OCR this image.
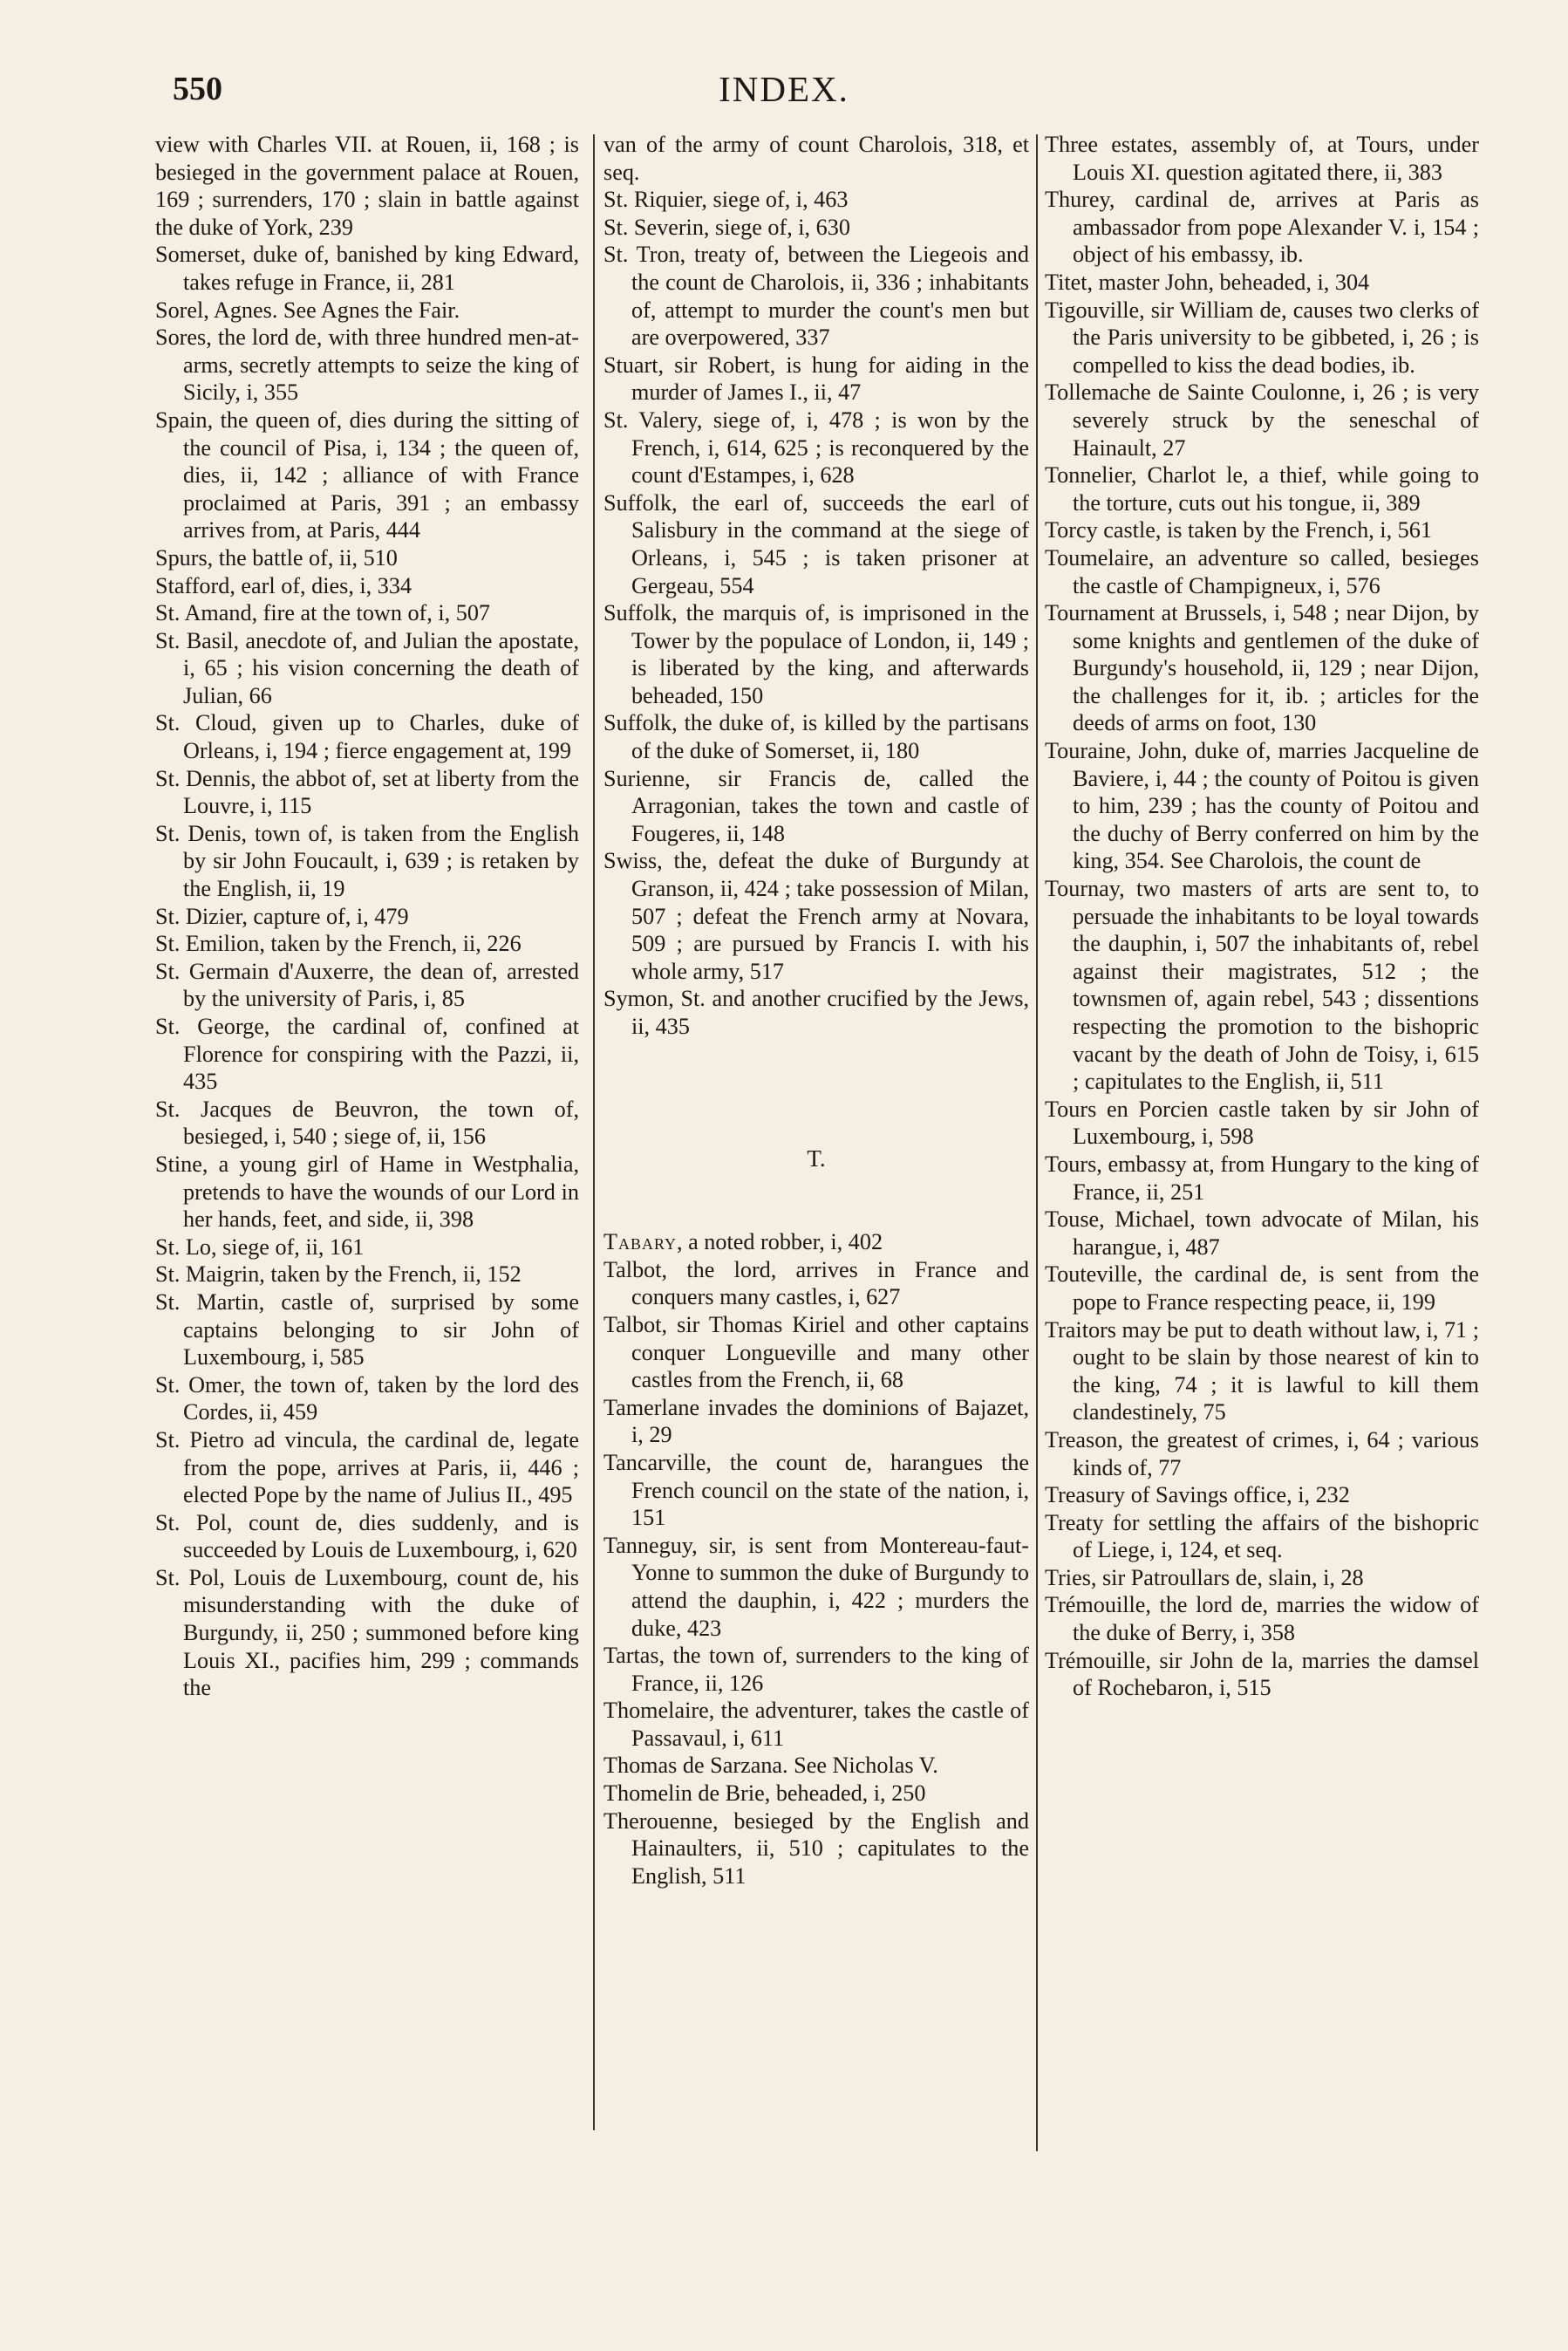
550	INDEX.
view with Charles VII. at Rouen, ii, 168 ; is besieged in the government palace at Rouen, 169 ; surrenders, 170 ; slain in battle against the duke of York, 239
Somerset, duke of, banished by king Edward, takes refuge in France, ii, 281
Sorel, Agnes. See Agnes the Fair.
Sores, the lord de, with three hundred men-at-arms, secretly attempts to seize the king of Sicily, i, 355
Spain, the queen of, dies during the sitting of the council of Pisa, i, 134 ; the queen of, dies, ii, 142 ; alliance of with France proclaimed at Paris, 391 ; an embassy arrives from, at Paris, 444
Spurs, the battle of, ii, 510
Stafford, earl of, dies, i, 334
St. Amand, fire at the town of, i, 507
St. Basil, anecdote of, and Julian the apostate, i, 65 ; his vision concerning the death of Julian, 66
St. Cloud, given up to Charles, duke of Orleans, i, 194 ; fierce engagement at, 199
St. Dennis, the abbot of, set at liberty from the Louvre, i, 115
St. Denis, town of, is taken from the English by sir John Foucault, i, 639 ; is retaken by the English, ii, 19
St. Dizier, capture of, i, 479
St. Emilion, taken by the French, ii, 226
St. Germain d'Auxerre, the dean of, arrested by the university of Paris, i, 85
St. George, the cardinal of, confined at Florence for conspiring with the Pazzi, ii, 435
St. Jacques de Beuvron, the town of, besieged, i, 540 ; siege of, ii, 156
Stine, a young girl of Hame in Westphalia, pretends to have the wounds of our Lord in her hands, feet, and side, ii, 398
St. Lo, siege of, ii, 161
St. Maigrin, taken by the French, ii, 152
St. Martin, castle of, surprised by some captains belonging to sir John of Luxembourg, i, 585
St. Omer, the town of, taken by the lord des Cordes, ii, 459
St. Pietro ad vincula, the cardinal de, legate from the pope, arrives at Paris, ii, 446 ; elected Pope by the name of Julius II., 495
St. Pol, count de, dies suddenly, and is succeeded by Louis de Luxembourg, i, 620
St. Pol, Louis de Luxembourg, count de, his misunderstanding with the duke of Burgundy, ii, 250 ; summoned before king Louis XI., pacifies him, 299 ; commands the
van of the army of count Charolois, 318, et seq.
St. Riquier, siege of, i, 463
St. Severin, siege of, i, 630
St. Tron, treaty of, between the Liegeois and the count de Charolois, ii, 336 ; inhabitants of, attempt to murder the count's men but are overpowered, 337
Stuart, sir Robert, is hung for aiding in the murder of James I., ii, 47
St. Valery, siege of, i, 478 ; is won by the French, i, 614, 625 ; is reconquered by the count d'Estampes, i, 628
Suffolk, the earl of, succeeds the earl of Salisbury in the command at the siege of Orleans, i, 545 ; is taken prisoner at Gergeau, 554
Suffolk, the marquis of, is imprisoned in the Tower by the populace of London, ii, 149 ; is liberated by the king, and afterwards beheaded, 150
Suffolk, the duke of, is killed by the partisans of the duke of Somerset, ii, 180
Surienne, sir Francis de, called the Arragonian, takes the town and castle of Fougeres, ii, 148
Swiss, the, defeat the duke of Burgundy at Granson, ii, 424 ; take possession of Milan, 507 ; defeat the French army at Novara, 509 ; are pursued by Francis I. with his whole army, 517
Symon, St. and another crucified by the Jews, ii, 435
T.
Tabary, a noted robber, i, 402
Talbot, the lord, arrives in France and conquers many castles, i, 627
Talbot, sir Thomas Kiriel and other captains conquer Longueville and many other castles from the French, ii, 68
Tamerlane invades the dominions of Bajazet, i, 29
Tancarville, the count de, harangues the French council on the state of the nation, i, 151
Tanneguy, sir, is sent from Montereau-faut-Yonne to summon the duke of Burgundy to attend the dauphin, i, 422 ; murders the duke, 423
Tartas, the town of, surrenders to the king of France, ii, 126
Thomelaire, the adventurer, takes the castle of Passavaul, i, 611
Thomas de Sarzana. See Nicholas V.
Thomelin de Brie, beheaded, i, 250
Therouenne, besieged by the English and Hainaulters, ii, 510 ; capitulates to the English, 511
Three estates, assembly of, at Tours, under Louis XI. question agitated there, ii, 383
Thurey, cardinal de, arrives at Paris as ambassador from pope Alexander V. i, 154 ; object of his embassy, ib.
Titet, master John, beheaded, i, 304
Tigouville, sir William de, causes two clerks of the Paris university to be gibbeted, i, 26 ; is compelled to kiss the dead bodies, ib.
Tollemache de Sainte Coulonne, i, 26 ; is very severely struck by the seneschal of Hainault, 27
Tonnelier, Charlot le, a thief, while going to the torture, cuts out his tongue, ii, 389
Torcy castle, is taken by the French, i, 561
Toumelaire, an adventure so called, besieges the castle of Champigneux, i, 576
Tournament at Brussels, i, 548 ; near Dijon, by some knights and gentlemen of the duke of Burgundy's household, ii, 129 ; near Dijon, the challenges for it, ib. ; articles for the deeds of arms on foot, 130
Touraine, John, duke of, marries Jacqueline de Baviere, i, 44 ; the county of Poitou is given to him, 239 ; has the county of Poitou and the duchy of Berry conferred on him by the king, 354. See Charolois, the count de
Tournay, two masters of arts are sent to, to persuade the inhabitants to be loyal towards the dauphin, i, 507 the inhabitants of, rebel against their magistrates, 512 ; the townsmen of, again rebel, 543 ; dissentions respecting the promotion to the bishopric vacant by the death of John de Toisy, i, 615 ; capitulates to the English, ii, 511
Tours en Porcien castle taken by sir John of Luxembourg, i, 598
Tours, embassy at, from Hungary to the king of France, ii, 251
Touse, Michael, town advocate of Milan, his harangue, i, 487
Touteville, the cardinal de, is sent from the pope to France respecting peace, ii, 199
Traitors may be put to death without law, i, 71 ; ought to be slain by those nearest of kin to the king, 74 ; it is lawful to kill them clandestinely, 75
Treason, the greatest of crimes, i, 64 ; various kinds of, 77
Treasury of Savings office, i, 232
Treaty for settling the affairs of the bishopric of Liege, i, 124, et seq.
Tries, sir Patroullars de, slain, i, 28
Trémouille, the lord de, marries the widow of the duke of Berry, i, 358
Trémouille, sir John de la, marries the damsel of Rochebaron, i, 515
